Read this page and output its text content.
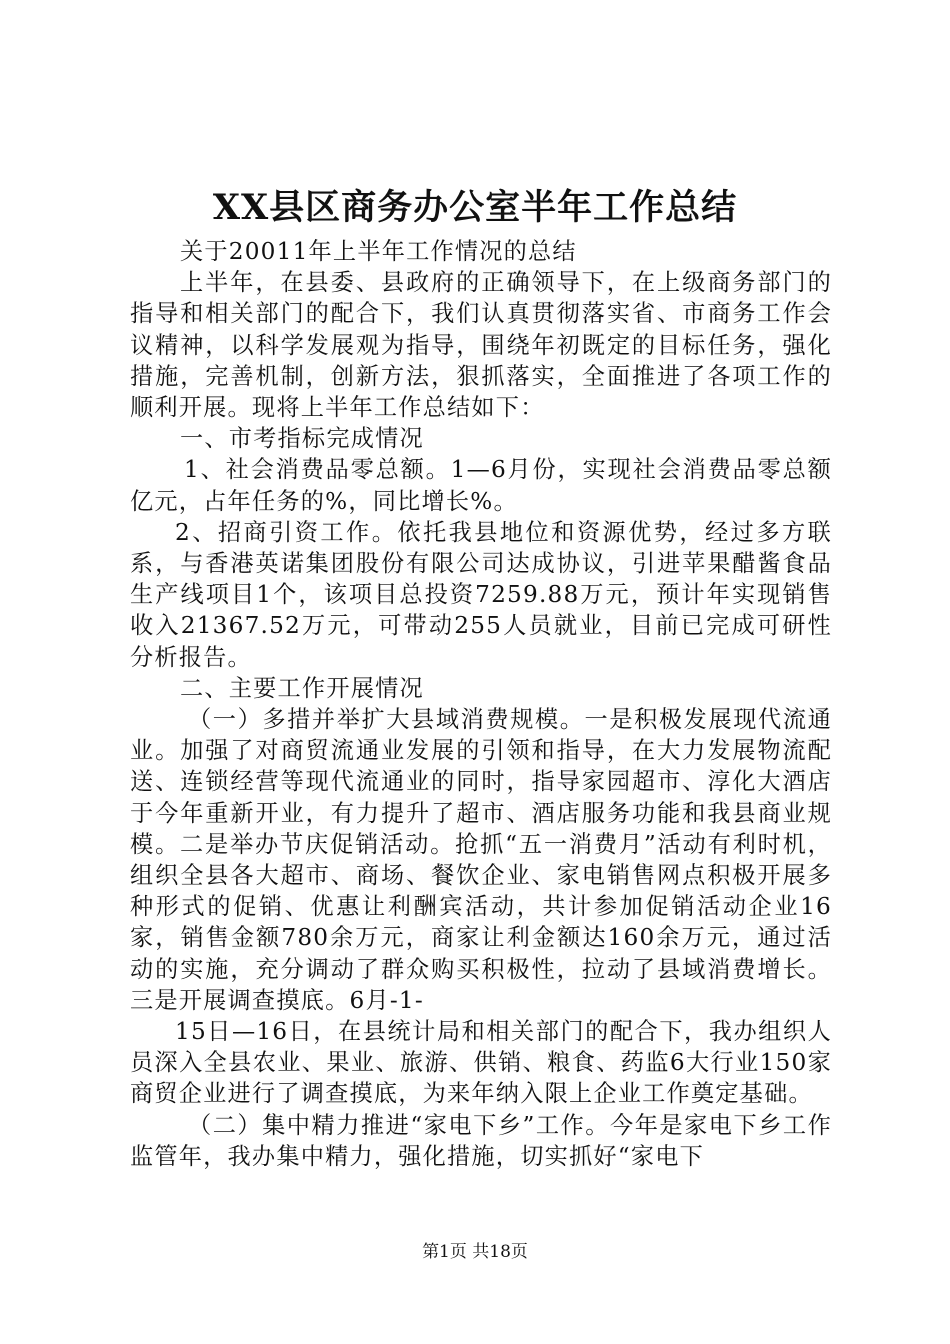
XX县区商务办公室半年工作总结

关于20011年上半年工作情况的总结

上半年，在县委、县政府的正确领导下，在上级商务部门的指导和相关部门的配合下，我们认真贯彻落实省、市商务工作会议精神，以科学发展观为指导，围绕年初既定的目标任务，强化措施，完善机制，创新方法，狠抓落实，全面推进了各项工作的顺利开展。现将上半年工作总结如下：

一、市考指标完成情况

1、社会消费品零总额。1—6月份，实现社会消费品零总额亿元，占年任务的%，同比增长%。

2、招商引资工作。依托我县地位和资源优势，经过多方联系，与香港英诺集团股份有限公司达成协议，引进苹果醋酱食品生产线项目1个，该项目总投资7259.88万元，预计年实现销售收入21367.52万元，可带动255人员就业，目前已完成可研性分析报告。

二、主要工作开展情况

（一）多措并举扩大县域消费规模。一是积极发展现代流通业。加强了对商贸流通业发展的引领和指导，在大力发展物流配送、连锁经营等现代流通业的同时，指导家园超市、淳化大酒店于今年重新开业，有力提升了超市、酒店服务功能和我县商业规模。二是举办节庆促销活动。抢抓“五一消费月”活动有利时机，组织全县各大超市、商场、餐饮企业、家电销售网点积极开展多种形式的促销、优惠让利酬宾活动，共计参加促销活动企业16家，销售金额780余万元，商家让利金额达160余万元，通过活动的实施，充分调动了群众购买积极性，拉动了县域消费增长。三是开展调查摸底。6月-1-

15日—16日，在县统计局和相关部门的配合下，我办组织人员深入全县农业、果业、旅游、供销、粮食、药监6大行业150家商贸企业进行了调查摸底，为来年纳入限上企业工作奠定基础。

（二）集中精力推进“家电下乡”工作。今年是家电下乡工作监管年，我办集中精力，强化措施，切实抓好“家电下

第1页 共18页
